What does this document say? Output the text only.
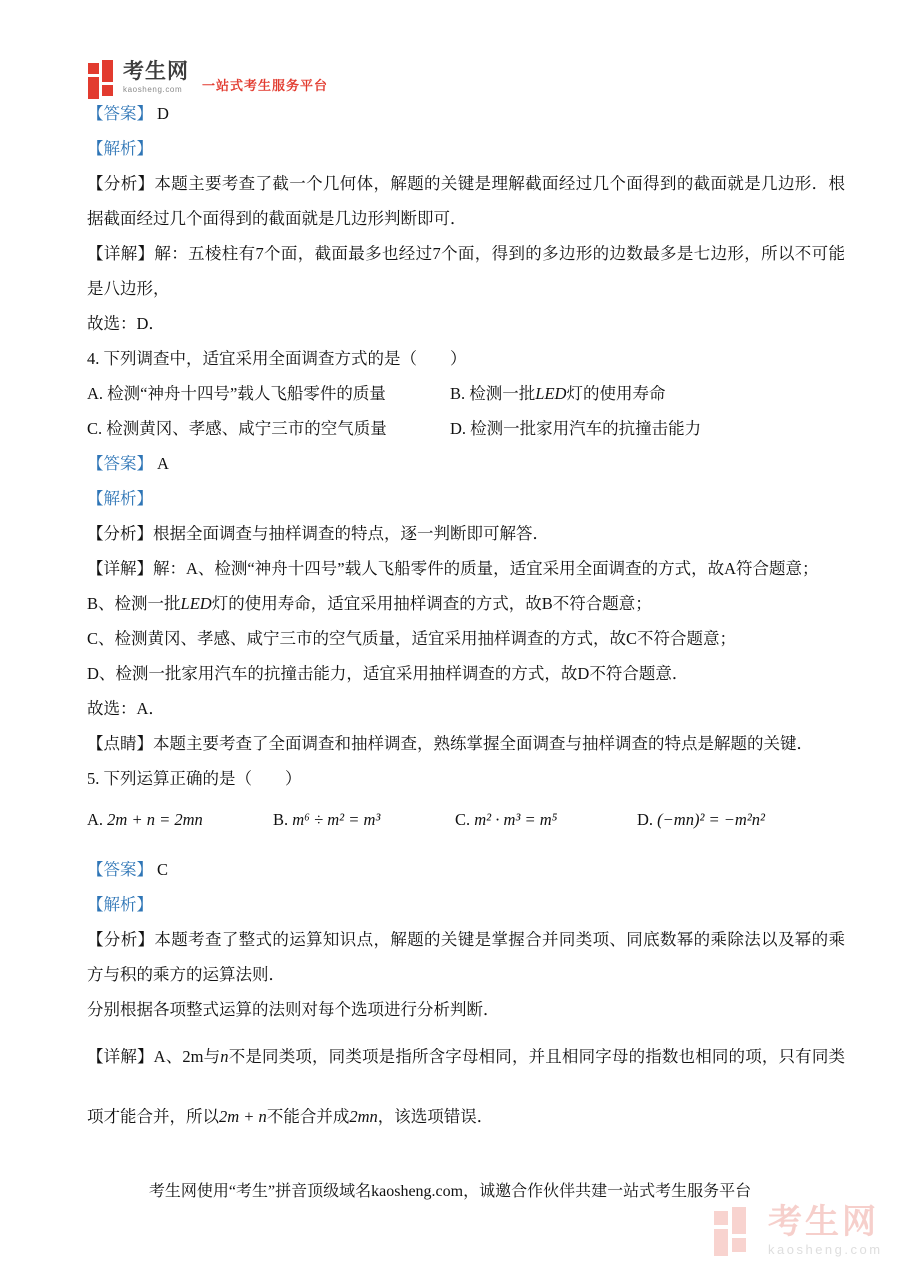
考生网
kaosheng.com	一站式考生服务平台

【答案】 D

【解析】

【分析】本题主要考查了截一个几何体，解题的关键是理解截面经过几个面得到的截面就是几边形．根据截面经过几个面得到的截面就是几边形判断即可．

【详解】解：五棱柱有7个面，截面最多也经过7个面，得到的多边形的边数最多是七边形，所以不可能是八边形，

故选：D．

4. 下列调查中，适宜采用全面调查方式的是（　　）

A. 检测“神舟十四号”载人飞船零件的质量	B. 检测一批LED灯的使用寿命
C. 检测黄冈、孝感、咸宁三市的空气质量	D. 检测一批家用汽车的抗撞击能力

【答案】 A

【解析】

【分析】根据全面调查与抽样调查的特点，逐一判断即可解答．

【详解】解：A、检测“神舟十四号”载人飞船零件的质量，适宜采用全面调查的方式，故A符合题意；

B、检测一批LED灯的使用寿命，适宜采用抽样调查的方式，故B不符合题意；

C、检测黄冈、孝感、咸宁三市的空气质量，适宜采用抽样调查的方式，故C不符合题意；

D、检测一批家用汽车的抗撞击能力，适宜采用抽样调查的方式，故D不符合题意．

故选：A．

【点睛】本题主要考查了全面调查和抽样调查，熟练掌握全面调查与抽样调查的特点是解题的关键．

5. 下列运算正确的是（　　）

A. 2m + n = 2mn	B. m⁶ ÷ m² = m³	C. m² · m³ = m⁵	D. (−mn)² = −m²n²

【答案】 C

【解析】

【分析】本题考查了整式的运算知识点，解题的关键是掌握合并同类项、同底数幂的乘除法以及幂的乘方与积的乘方的运算法则．

分别根据各项整式运算的法则对每个选项进行分析判断．

【详解】A、2m与n不是同类项，同类项是指所含字母相同，并且相同字母的指数也相同的项，只有同类项才能合并，所以2m + n不能合并成2mn，该选项错误．

考生网使用“考生”拼音顶级域名kaosheng.com，诚邀合作伙伴共建一站式考生服务平台
考生网
kaosheng.com
